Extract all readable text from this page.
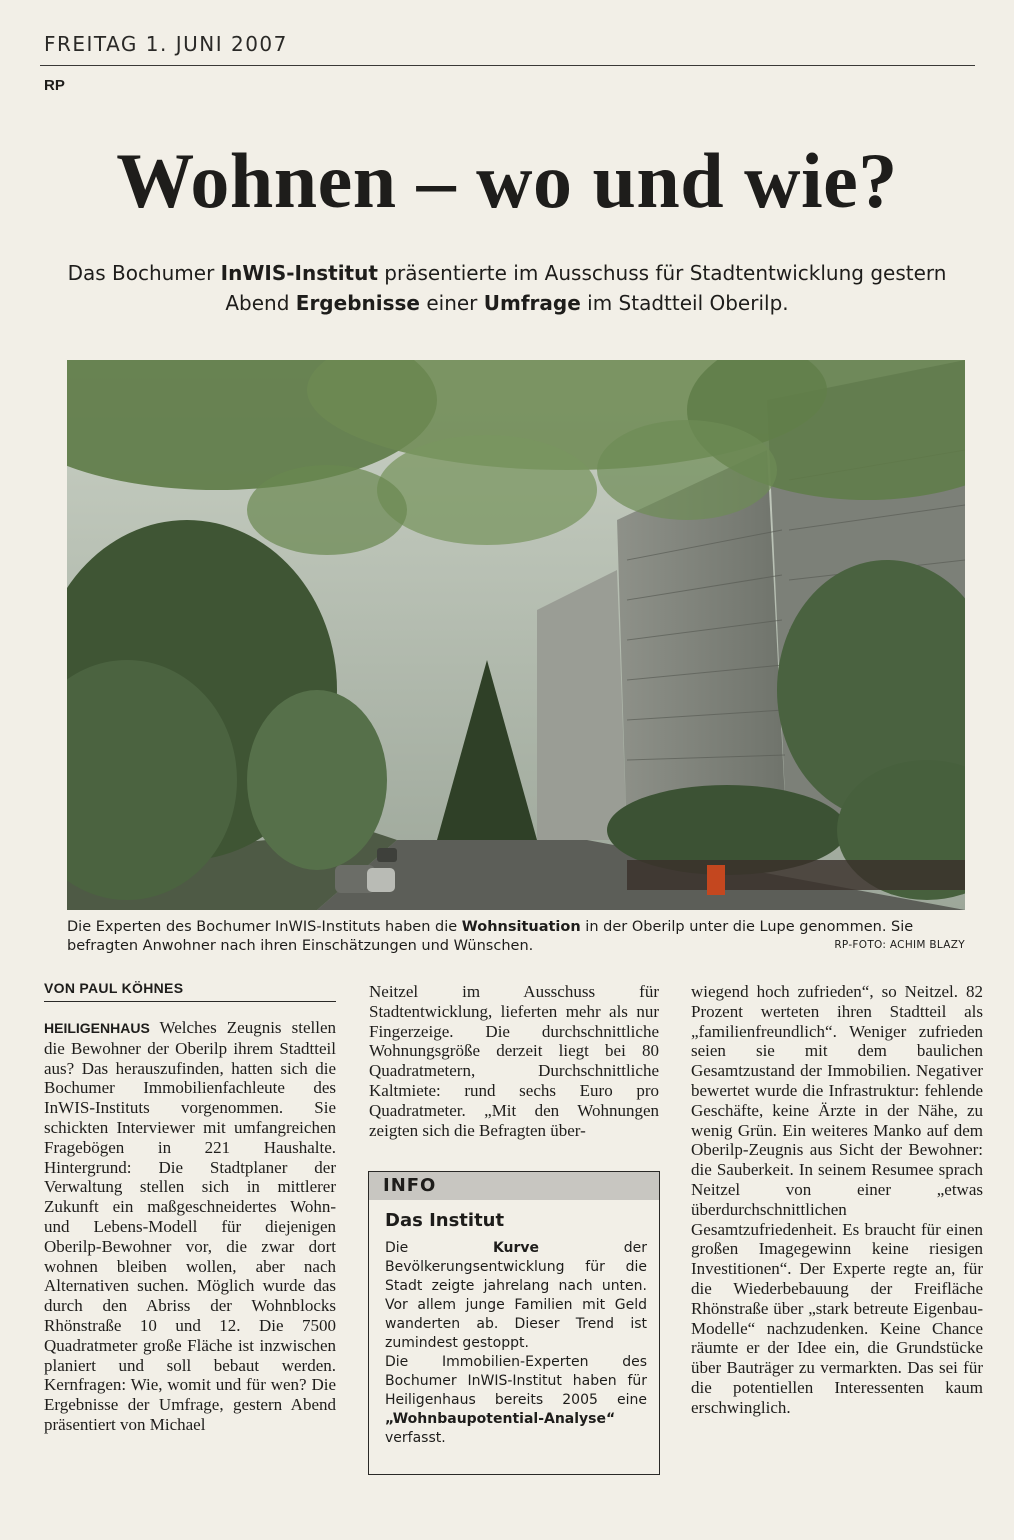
FREITAG 1. JUNI 2007
RP
Wohnen – wo und wie?
Das Bochumer InWIS-Institut präsentierte im Ausschuss für Stadtentwicklung gestern Abend Ergebnisse einer Umfrage im Stadtteil Oberilp.
Die Experten des Bochumer InWIS-Instituts haben die Wohnsituation in der Oberilp unter die Lupe genommen. Sie befragten Anwohner nach ihren Einschätzungen und Wünschen.	RP-FOTO: ACHIM BLAZY
VON PAUL KÖHNES

HEILIGENHAUS Welches Zeugnis stellen die Bewohner der Oberilp ihrem Stadtteil aus? Das herauszufinden, hatten sich die Bochumer Immobilienfachleute des InWIS-Instituts vorgenommen. Sie schickten Interviewer mit umfangreichen Fragebögen in 221 Haushalte. Hintergrund: Die Stadtplaner der Verwaltung stellen sich in mittlerer Zukunft ein maßgeschneidertes Wohn- und Lebens-Modell für diejenigen Oberilp-Bewohner vor, die zwar dort wohnen bleiben wollen, aber nach Alternativen suchen. Möglich wurde das durch den Abriss der Wohnblocks Rhönstraße 10 und 12. Die 7500 Quadratmeter große Fläche ist inzwischen planiert und soll bebaut werden. Kernfragen: Wie, womit und für wen? Die Ergebnisse der Umfrage, gestern Abend präsentiert von Michael

Neitzel im Ausschuss für Stadtentwicklung, lieferten mehr als nur Fingerzeige. Die durchschnittliche Wohnungsgröße derzeit liegt bei 80 Quadratmetern, Durchschnittliche Kaltmiete: rund sechs Euro pro Quadratmeter. „Mit den Wohnungen zeigten sich die Befragten über-

INFO
Das Institut

Die Kurve der Bevölkerungsentwicklung für die Stadt zeigte jahrelang nach unten. Vor allem junge Familien mit Geld wanderten ab. Dieser Trend ist zumindest gestoppt.

Die Immobilien-Experten des Bochumer InWIS-Institut haben für Heiligenhaus bereits 2005 eine „Wohnbaupotential-Analyse“ verfasst.

wiegend hoch zufrieden“, so Neitzel. 82 Prozent werteten ihren Stadtteil als „familienfreundlich“. Weniger zufrieden seien sie mit dem baulichen Gesamtzustand der Immobilien. Negativer bewertet wurde die Infrastruktur: fehlende Geschäfte, keine Ärzte in der Nähe, zu wenig Grün. Ein weiteres Manko auf dem Oberilp-Zeugnis aus Sicht der Bewohner: die Sauberkeit. In seinem Resumee sprach Neitzel von einer „etwas überdurchschnittlichen Gesamtzufriedenheit. Es braucht für einen großen Imagegewinn keine riesigen Investitionen“. Der Experte regte an, für die Wiederbebauung der Freifläche Rhönstraße über „stark betreute Eigenbau-Modelle“ nachzudenken. Keine Chance räumte er der Idee ein, die Grundstücke über Bauträger zu vermarkten. Das sei für die potentiellen Interessenten kaum erschwinglich.
